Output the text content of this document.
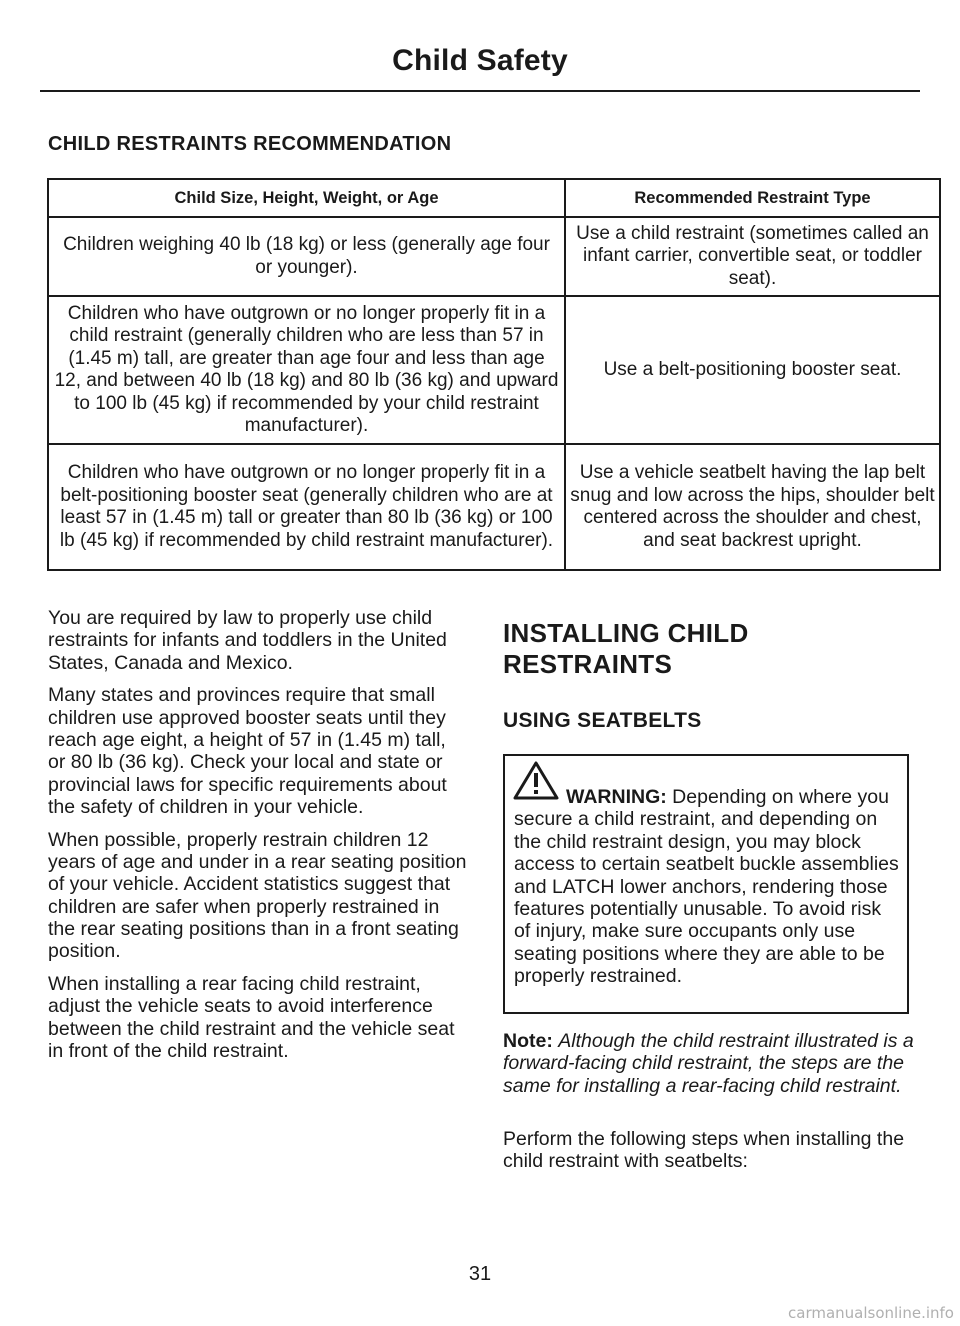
Child Safety
CHILD RESTRAINTS RECOMMENDATION
Child Size, Height, Weight, or Age	Recommended Restraint Type
Children weighing 40 lb (18 kg) or less (generally age four or younger).	Use a child restraint (sometimes called an infant carrier, convertible seat, or toddler seat).
Children who have outgrown or no longer properly fit in a child restraint (generally children who are less than 57 in (1.45 m) tall, are greater than age four and less than age 12, and between 40 lb (18 kg) and 80 lb (36 kg) and upward to 100 lb (45 kg) if recommended by your child restraint manufacturer).	Use a belt-positioning booster seat.
Children who have outgrown or no longer properly fit in a belt-positioning booster seat (generally children who are at least 57 in (1.45 m) tall or greater than 80 lb (36 kg) or 100 lb (45 kg) if recommended by child restraint manufacturer).	Use a vehicle seatbelt having the lap belt snug and low across the hips, shoulder belt centered across the shoulder and chest, and seat backrest upright.

You are required by law to properly use child restraints for infants and toddlers in the United States, Canada and Mexico.

Many states and provinces require that small children use approved booster seats until they reach age eight, a height of 57 in (1.45 m) tall, or 80 lb (36 kg). Check your local and state or provincial laws for specific requirements about the safety of children in your vehicle.

When possible, properly restrain children 12 years of age and under in a rear seating position of your vehicle. Accident statistics suggest that children are safer when properly restrained in the rear seating positions than in a front seating position.

When installing a rear facing child restraint, adjust the vehicle seats to avoid interference between the child restraint and the vehicle seat in front of the child restraint.

INSTALLING CHILD
RESTRAINTS
USING SEATBELTS
WARNING: Depending on where you secure a child restraint, and depending on the child restraint design, you may block access to certain seatbelt buckle assemblies and LATCH lower anchors, rendering those features potentially unusable. To avoid risk of injury, make sure occupants only use seating positions where they are able to be properly restrained.
Note: Although the child restraint illustrated is a forward-facing child restraint, the steps are the same for installing a rear-facing child restraint.
Perform the following steps when installing the child restraint with seatbelts:
31
carmanualsonline.info
